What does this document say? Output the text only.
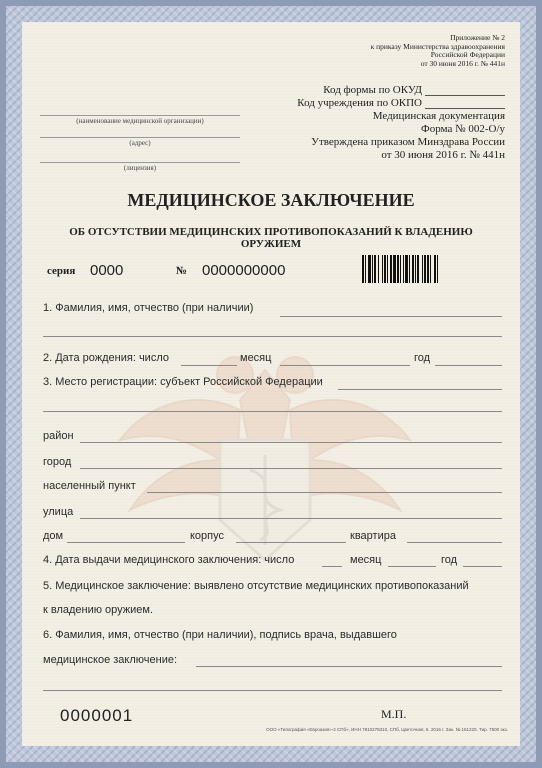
Приложение № 2
к приказу Министерства здравоохранения
Российской Федерации
от 30 июня 2016 г. № 441н
(наименование медицинской организации)
(адрес)
(лицензия)
Код формы по ОКУД
Код учреждения по ОКПО
Медицинская документация
Форма № 002-О/у
Утверждена приказом Минздрава России
от 30 июня 2016 г. № 441н
МЕДИЦИНСКОЕ ЗАКЛЮЧЕНИЕ
ОБ ОТСУТСТВИИ МЕДИЦИНСКИХ ПРОТИВОПОКАЗАНИЙ К ВЛАДЕНИЮ ОРУЖИЕМ
серия 0000	№ 0000000000
1. Фамилия, имя, отчество (при наличии)
2. Дата рождения: число	месяц	год
3. Место регистрации: субъект Российской Федерации
район
город
населенный пункт
улица
дом	корпус	квартира
4. Дата выдачи медицинского заключения: число	месяц	год
5. Медицинское заключение: выявлено отсутствие медицинских противопоказаний
к владению оружием.
6. Фамилия, имя, отчество (при наличии), подпись врача, выдавшего
медицинское заключение:
0000001	М.П.
ООО «Типография «Евроазия»-2 СПб», ИНН 7810278310, СПб, Цветочная, 6. 2016 г. Зак. № 161220. Тир. 7500 экз.
